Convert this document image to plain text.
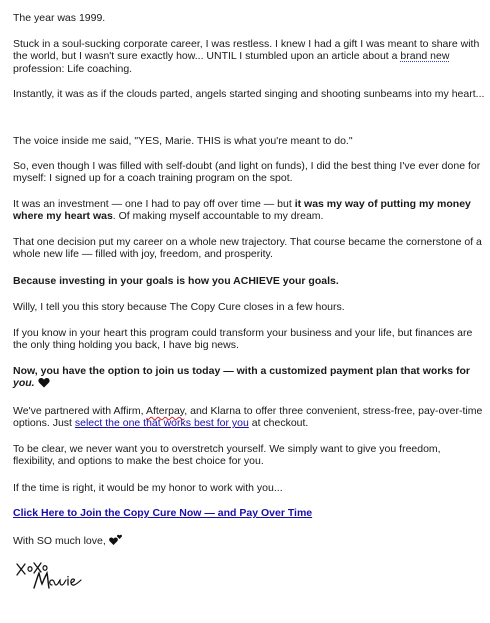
The year was 1999.

Stuck in a soul-sucking corporate career, I was restless. I knew I had a gift I was meant to share with the world, but I wasn't sure exactly how... UNTIL I stumbled upon an article about a brand new profession: Life coaching.

Instantly, it was as if the clouds parted, angels started singing and shooting sunbeams into my heart...

The voice inside me said, "YES, Marie. THIS is what you're meant to do."

So, even though I was filled with self-doubt (and light on funds), I did the best thing I've ever done for myself: I signed up for a coach training program on the spot.

It was an investment — one I had to pay off over time — but it was my way of putting my money where my heart was. Of making myself accountable to my dream.

That one decision put my career on a whole new trajectory. That course became the cornerstone of a whole new life — filled with joy, freedom, and prosperity.

Because investing in your goals is how you ACHIEVE your goals.

Willy, I tell you this story because The Copy Cure closes in a few hours.

If you know in your heart this program could transform your business and your life, but finances are the only thing holding you back, I have big news.

Now, you have the option to join us today — with a customized payment plan that works for you.

We've partnered with Affirm, Afterpay, and Klarna to offer three convenient, stress-free, pay-over-time options. Just select the one that works best for you at checkout.

To be clear, we never want you to overstretch yourself. We simply want to give you freedom, flexibility, and options to make the best choice for you.

If the time is right, it would be my honor to work with you...

Click Here to Join the Copy Cure Now — and Pay Over Time

With SO much love,
